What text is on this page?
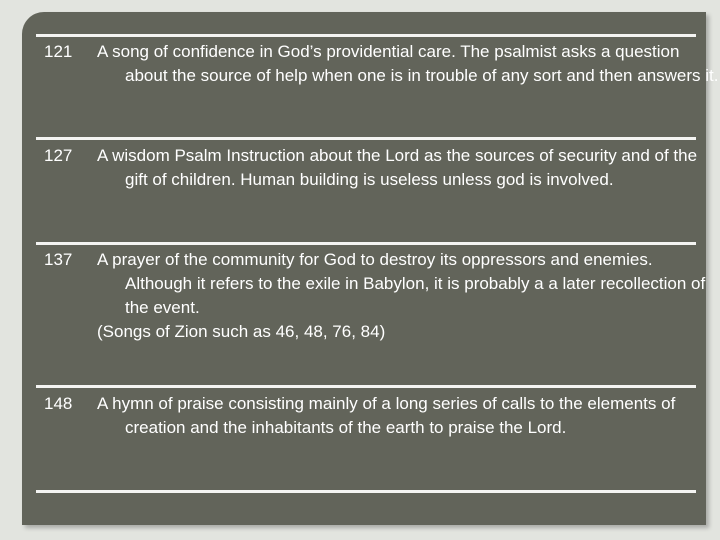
121	A song of confidence in God’s providential care. The psalmist asks a question about the source of help when one is in trouble of any sort and then answers it.
127	A wisdom Psalm Instruction about the Lord as the sources of security and of the gift of children. Human building is useless unless god is involved.
137	A prayer of the community for God to destroy its oppressors and enemies. Although it refers to the exile in Babylon, it is probably a a later recollection of the event.
(Songs of Zion such as 46, 48, 76, 84)
148	A hymn of praise consisting mainly of a long series of calls to the elements of creation and the inhabitants of the earth to praise the Lord.
